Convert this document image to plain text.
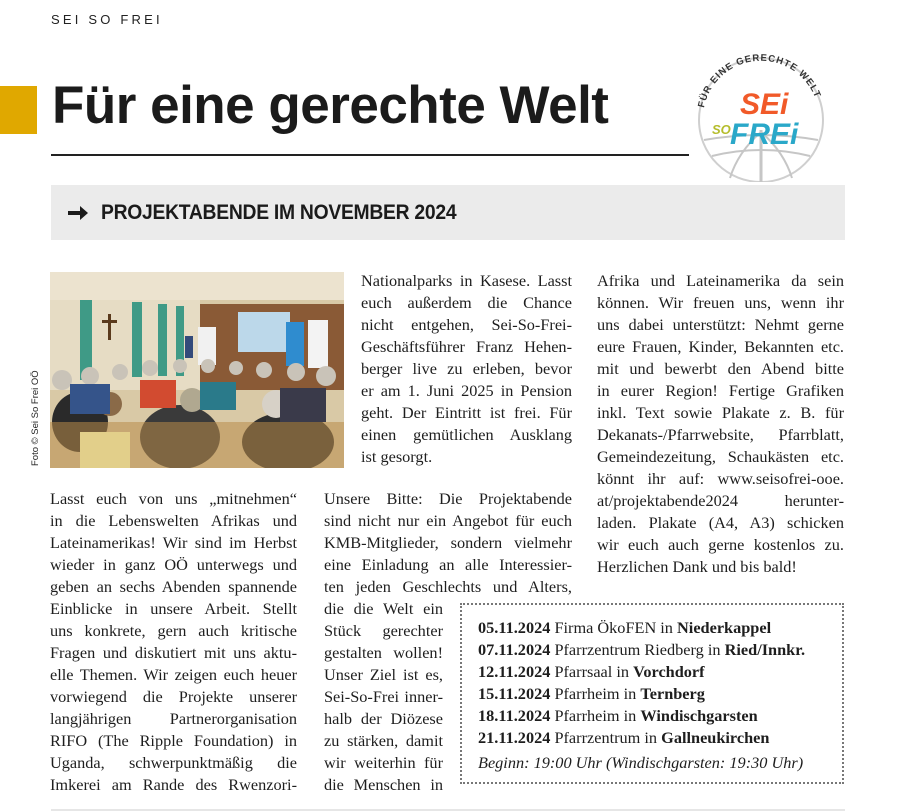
SEI SO FREI
Für eine gerechte Welt	FÜR EINE GERECHTE WELT
SEi
SO FREi
PROJEKTABENDE IM NOVEMBER 2024
Foto © Sei So Frei OÖ

Lasst euch von uns „mitnehmen“
in die Lebenswelten Afrikas und
Lateinamerikas! Wir sind im Herbst
wieder in ganz OÖ unterwegs und
geben an sechs Abenden spannende
Einblicke in unsere Arbeit. Stellt
uns konkrete, gern auch kritische
Fragen und diskutiert mit uns aktu-
elle Themen. Wir zeigen euch heuer
vorwiegend die Projekte unserer
langjährigen Partnerorganisation
RIFO (The Ripple Foundation) in
Uganda, schwerpunktmäßig die
Imkerei am Rande des Rwenzori-

Nationalparks in Kasese. Lasst
euch außerdem die Chance
nicht entgehen, Sei-So-Frei-
Geschäftsführer Franz Hehen-
berger live zu erleben, bevor
er am 1. Juni 2025 in Pension
geht. Der Eintritt ist frei. Für
einen gemütlichen Ausklang
ist gesorgt.

Unsere Bitte: Die Projektabende
sind nicht nur ein Angebot für euch
KMB-Mitglieder, sondern vielmehr
eine Einladung an alle Interessier-
ten jeden Geschlechts und Alters,

die die Welt ein
Stück gerechter
gestalten wollen!
Unser Ziel ist es,
Sei-So-Frei inner-
halb der Diözese
zu stärken, damit
wir weiterhin für
die Menschen in

Afrika und Lateinamerika da sein
können. Wir freuen uns, wenn ihr
uns dabei unterstützt: Nehmt gerne
eure Frauen, Kinder, Bekannten etc.
mit und bewerbt den Abend bitte
in eurer Region! Fertige Grafiken
inkl. Text sowie Plakate z. B. für
Dekanats-/Pfarrwebsite, Pfarrblatt,
Gemeindezeitung, Schaukästen etc.
könnt ihr auf: www.seisofrei-ooe.
at/projektabende2024 herunter-
laden. Plakate (A4, A3) schicken
wir euch auch gerne kostenlos zu.
Herzlichen Dank und bis bald!

05.11.2024 Firma ÖkoFEN in Niederkappel
07.11.2024 Pfarrzentrum Riedberg in Ried/Innkr.
12.11.2024 Pfarrsaal in Vorchdorf
15.11.2024 Pfarrheim in Ternberg
18.11.2024 Pfarrheim in Windischgarsten
21.11.2024 Pfarrzentrum in Gallneukirchen
Beginn: 19:00 Uhr (Windischgarsten: 19:30 Uhr)
